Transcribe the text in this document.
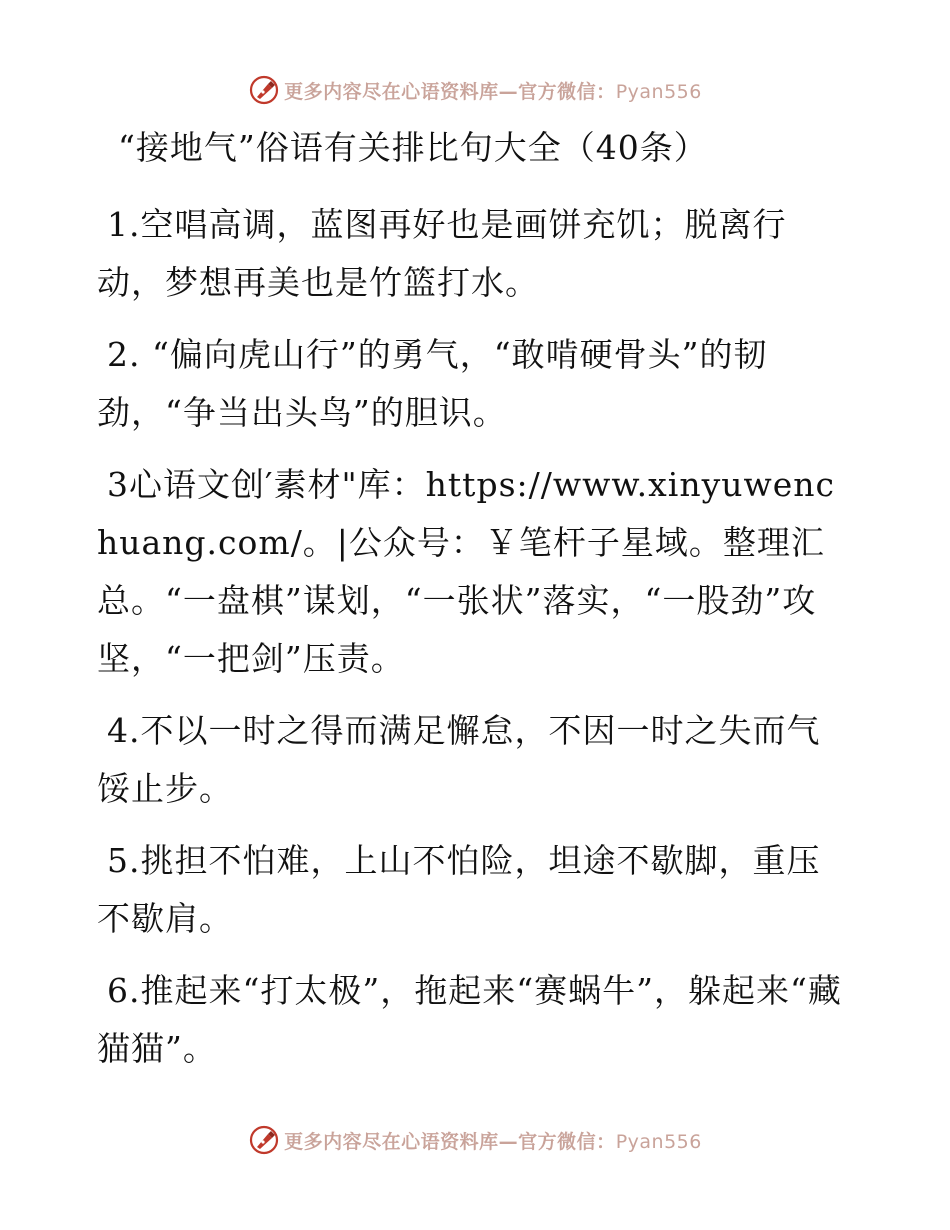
更多内容尽在心语资料库—官方微信：Pyan556
“接地气”俗语有关排比句大全（40条）

1.空唱高调，蓝图再好也是画饼充饥；脱离行动，梦想再美也是竹篮打水。

2. “偏向虎山行”的勇气，“敢啃硬骨头”的韧劲，“争当出头鸟”的胆识。

3心语文创′素材"库：https://www.xinyuwenchuang.com/。|公众号：￥笔杆子星域。整理汇总。“一盘棋”谋划，“一张状”落实，“一股劲”攻坚，“一把剑”压责。

4.不以一时之得而满足懈怠，不因一时之失而气馁止步。

5.挑担不怕难，上山不怕险，坦途不歇脚，重压不歇肩。

6.推起来“打太极”，拖起来“赛蜗牛”，躲起来“藏猫猫”。

更多内容尽在心语资料库—官方微信：Pyan556
